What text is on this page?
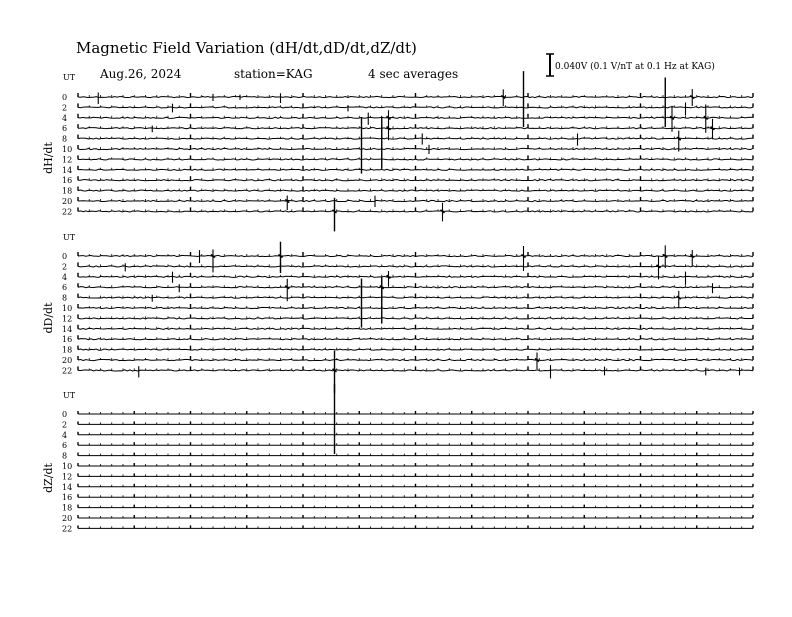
Magnetic Field Variation (dH/dt,dD/dt,dZ/dt)
Aug.26, 2024	station=KAG	4 sec averages	0.040V (0.1 V/nT at 0.1 Hz at KAG)
UT
dH/dt
0
2
4
6
8
10
12
14
16
18
20
22
UT
dD/dt
0
2
4
6
8
10
12
14
16
18
20
22
UT
dZ/dt
0
2
4
6
8
10
12
14
16
18
20
22
